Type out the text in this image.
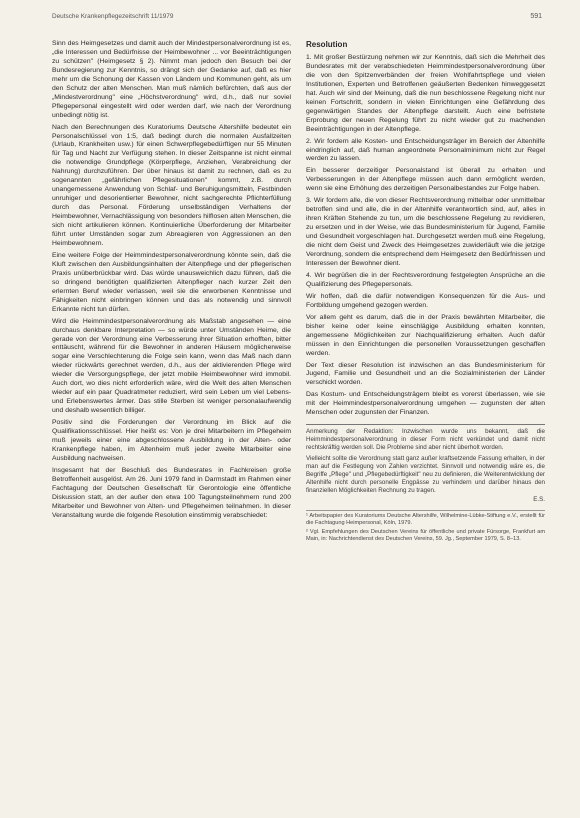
Deutsche Krankenpflegezeitschrift 11/1979	591

Sinn des Heimgesetzes und damit auch der Mindestpersonalverordnung ist es, „die Interessen und Bedürfnisse der Heimbewohner ... vor Beeinträchtigungen zu schützen" (Heimgesetz § 2). Nimmt man jedoch den Besuch bei der Bundesregierung zur Kenntnis, so drängt sich der Gedanke auf, daß es hier mehr um die Schonung der Kassen von Ländern und Kommunen geht, als um den Schutz der alten Menschen. Man muß nämlich befürchten, daß aus der „Mindestverordnung" eine „Höchstverordnung" wird, d.h., daß nur soviel Pflegepersonal eingestellt wird oder werden darf, wie nach der Verordnung unbedingt nötig ist.

Nach den Berechnungen des Kuratoriums Deutsche Altershilfe bedeutet ein Personalschlüssel von 1:5, daß bedingt durch die normalen Ausfallzeiten (Urlaub, Krankheiten usw.) für einen Schwerpflegebedürftigen nur 55 Minuten für Tag und Nacht zur Verfügung stehen. In dieser Zeitspanne ist nicht einmal die notwendige Grundpflege (Körperpflege, Anziehen, Verabreichung der Nahrung) durchzuführen. Der über hinaus ist damit zu rechnen, daß es zu sogenannten „gefährlichen Pflegesituationen" kommt, z.B. durch unangemessene Anwendung von Schlaf- und Beruhigungsmitteln, Festbinden unruhiger und desorientierter Bewohner, nicht sachgerechte Pflichterfüllung durch das Personal. Förderung unselbständigen Verhaltens der Heimbewohner, Vernachlässigung von besonders hilflosen alten Menschen, die sich nicht artikulieren können. Kontinuierliche Überforderung der Mitarbeiter führt unter Umständen sogar zum Abreagieren von Aggressionen an den Heimbewohnern.

Eine weitere Folge der Heimmindestpersonalverordnung könnte sein, daß die Kluft zwischen den Ausbildungsinhalten der Altenpflege und der pflegerischen Praxis unüberbrückbar wird. Das würde unausweichlich dazu führen, daß die so dringend benötigten qualifizierten Altenpfleger nach kurzer Zeit den erlernten Beruf wieder verlassen, weil sie die erworbenen Kenntnisse und Fähigkeiten nicht einbringen können und das als notwendig und sinnvoll Erkannte nicht tun dürfen.

Wird die Heimmindestpersonalverordnung als Maßstab angesehen — eine durchaus denkbare Interpretation — so würde unter Umständen Heime, die gerade von der Verordnung eine Verbesserung ihrer Situation erhofften, bitter enttäuscht, während für die Bewohner in anderen Häusern möglicherweise sogar eine Verschlechterung die Folge sein kann, wenn das Maß nach dann wieder rückwärts gerechnet werden, d.h., aus der aktivierenden Pflege wird wieder die Versorgungspflege, der jetzt mobile Heimbewohner wird immobil. Auch dort, wo dies nicht erforderlich wäre, wird die Welt des alten Menschen wieder auf ein paar Quadratmeter reduziert, wird sein Leben um viel Lebens- und Erlebenswertes ärmer. Das stille Sterben ist weniger personalaufwendig und deshalb wesentlich billiger.

Positiv sind die Forderungen der Verordnung im Blick auf die Qualifikationsschlüssel. Hier heißt es: Von je drei Mitarbeitern im Pflegeheim muß jeweils einer eine abgeschlossene Ausbildung in der Alten- oder Krankenpflege haben, im Altenheim muß jeder zweite Mitarbeiter eine Ausbildung nachweisen.

Insgesamt hat der Beschluß des Bundesrates in Fachkreisen große Betroffenheit ausgelöst. Am 26. Juni 1979 fand in Darmstadt im Rahmen einer Fachtagung der Deutschen Gesellschaft für Gerontologie eine öffentliche Diskussion statt, an der außer den etwa 100 Tagungsteilnehmern rund 200 Mitarbeiter und Bewohner von Alten- und Pflegeheimen teilnahmen. In dieser Veranstaltung wurde die folgende Resolution einstimmig verabschiedet:

Resolution

1. Mit großer Bestürzung nehmen wir zur Kenntnis, daß sich die Mehrheit des Bundesrates mit der verabschiedeten Heimmindestpersonalverordnung über die von den Spitzenverbänden der freien Wohlfahrtspflege und vielen Institutionen, Experten und Betroffenen geäußerten Bedenken hinweggesetzt hat. Auch wir sind der Meinung, daß die nun beschlossene Regelung nicht nur keinen Fortschritt, sondern in vielen Einrichtungen eine Gefährdung des gegenwärtigen Standes der Altenpflege darstellt. Auch eine befristete Erprobung der neuen Regelung führt zu nicht wieder gut zu machenden Beeinträchtigungen in der Altenpflege.

2. Wir fordern alle Kosten- und Entscheidungsträger im Bereich der Altenhilfe eindringlich auf, daß human angeordnete Personalminimum nicht zur Regel werden zu lassen.

Ein besserer derzeitiger Personalstand ist überall zu erhalten und Verbesserungen in der Altenpflege müssen auch dann ermöglicht werden, wenn sie eine Erhöhung des derzeitigen Personalbestandes zur Folge haben.

3. Wir fordern alle, die von dieser Rechtsverordnung mittelbar oder unmittelbar betroffen sind und alle, die in der Altenhilfe verantwortlich sind, auf, alles in ihren Kräften Stehende zu tun, um die beschlossene Regelung zu revidieren, zu ersetzen und in der Weise, wie das Bundesministerium für Jugend, Familie und Gesundheit vorgeschlagen hat. Durchgesetzt werden muß eine Regelung, die nicht dem Geist und Zweck des Heimgesetzes zuwiderläuft wie die jetzige Verordnung, sondern die entsprechend dem Heimgesetz den Bedürfnissen und Interessen der Bewohner dient.

4. Wir begrüßen die in der Rechtsverordnung festgelegten Ansprüche an die Qualifizierung des Pflegepersonals.

Wir hoffen, daß die dafür notwendigen Konsequenzen für die Aus- und Fortbildung umgehend gezogen werden.

Vor allem geht es darum, daß die in der Praxis bewährten Mitarbeiter, die bisher keine oder keine einschlägige Ausbildung erhalten konnten, angemessene Möglichkeiten zur Nachqualifizierung erhalten. Auch dafür müssen in den Einrichtungen die personellen Voraussetzungen geschaffen werden.

Der Text dieser Resolution ist inzwischen an das Bundesministerium für Jugend, Familie und Gesundheit und an die Sozialministerien der Länder verschickt worden.

Das Kostum- und Entscheidungsträgern bleibt es vorerst überlassen, wie sie mit der Heimmindestpersonalverordnung umgehen — zugunsten der alten Menschen oder zugunsten der Finanzen.

Anmerkung der Redaktion: Inzwischen wurde uns bekannt, daß die Heimmindestpersonalverordnung in dieser Form nicht verkündet und damit nicht rechtskräftig werden soll. Die Probleme sind aber nicht überholt worden.

Vielleicht sollte die Verordnung statt ganz außer kraftsetzende Fassung erhalten, in der man auf die Festlegung von Zahlen verzichtet. Sinnvoll und notwendig wäre es, die Begriffe „Pflege" und „Pflegebedürftigkeit" neu zu definieren, die Weiterentwicklung der Altenhilfe nicht durch personelle Engpässe zu verhindern und darüber hinaus den finanziellen Möglichkeiten Rechnung zu tragen.

E.S.

¹ Arbeitspapier des Kuratoriums Deutsche Altershilfe, Wilhelmine-Lübke-Stiftung e.V., erstellt für die Fachtagung Heimpersonal, Köln, 1979.

² Vgl. Empfehlungen des Deutschen Vereins für öffentliche und private Fürsorge, Frankfurt am Main, in: Nachrichtendienst des Deutschen Vereins, 59. Jg., September 1979, S. 8–13.
